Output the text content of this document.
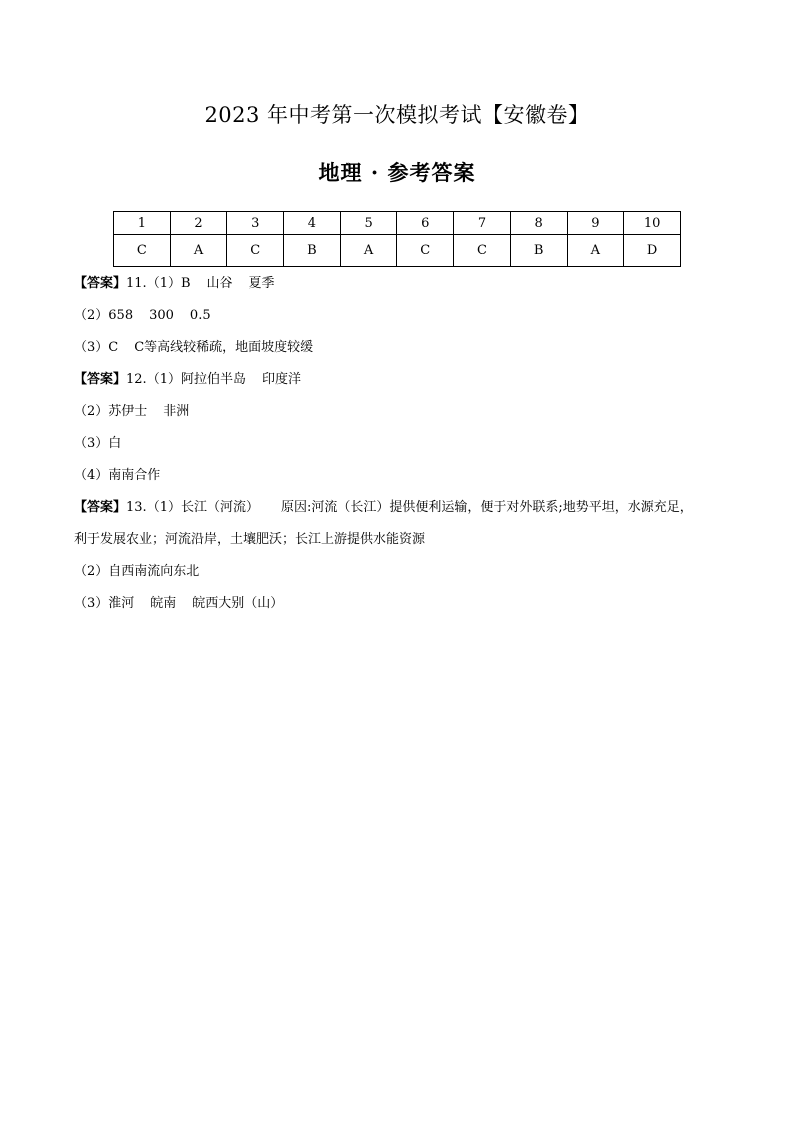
2023 年中考第一次模拟考试【安徽卷】
地理 · 参考答案
1	2	3	4	5	6	7	8	9	10
C	A	C	B	A	C	C	B	A	D
【答案】11.（1）B 山谷 夏季
（2）658 300 0.5
（3）C C等高线较稀疏，地面坡度较缓
【答案】12.（1）阿拉伯半岛 印度洋
（2）苏伊士 非洲
（3）白
（4）南南合作
【答案】13.（1）长江（河流） 原因:河流（长江）提供便利运输，便于对外联系;地势平坦，水源充足，
利于发展农业；河流沿岸，土壤肥沃；长江上游提供水能资源
（2）自西南流向东北
（3）淮河 皖南 皖西大别（山）
